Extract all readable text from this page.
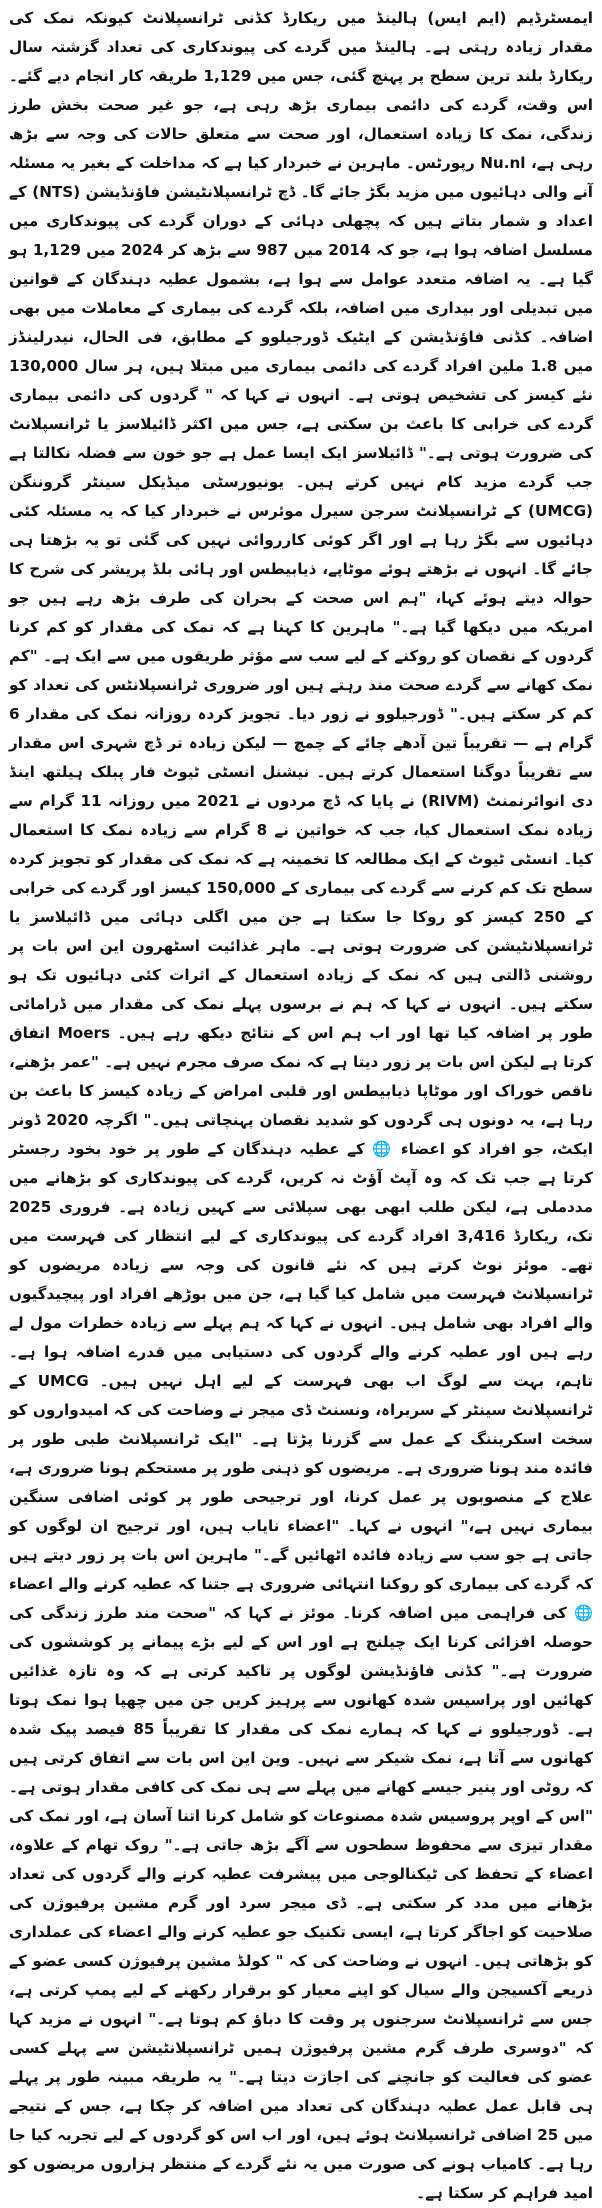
ایمسٹرڈیم (ایم ایس) ہالینڈ میں ریکارڈ کڈنی ٹرانسپلانٹ کیونکہ نمک کی مقدار زیادہ رہتی ہے۔ ہالینڈ میں گردے کی پیوندکاری کی تعداد گزشتہ سال ریکارڈ بلند ترین سطح پر پہنچ گئی، جس میں 1,129 طریقہ کار انجام دیے گئے۔ اس وقت، گردے کی دائمی بیماری بڑھ رہی ہے، جو غیر صحت بخش طرز زندگی، نمک کا زیادہ استعمال، اور صحت سے متعلق حالات کی وجہ سے بڑھ رہی ہے، Nu.nl رپورٹس۔ ماہرین نے خبردار کیا ہے کہ مداخلت کے بغیر یہ مسئلہ آنے والی دہائیوں میں مزید بگڑ جائے گا۔ ڈچ ٹرانسپلانٹیشن فاؤنڈیشن (NTS) کے اعداد و شمار بتاتے ہیں کہ پچھلی دہائی کے دوران گردے کی پیوندکاری میں مسلسل اضافہ ہوا ہے، جو کہ 2014 میں 987 سے بڑھ کر 2024 میں 1,129 ہو گیا ہے۔ یہ اضافہ متعدد عوامل سے ہوا ہے، بشمول عطیہ دہندگان کے قوانین میں تبدیلی اور بیداری میں اضافہ، بلکہ گردے کی بیماری کے معاملات میں بھی اضافہ۔ کڈنی فاؤنڈیشن کے ایٹیک ڈورجیلوو کے مطابق، فی الحال، نیدرلینڈز میں 1.8 ملین افراد گردے کی دائمی بیماری میں مبتلا ہیں، ہر سال 130,000 نئے کیسز کی تشخیص ہوتی ہے۔ انہوں نے کہا کہ " گردوں کی دائمی بیماری گردے کی خرابی کا باعث بن سکتی ہے، جس میں اکثر ڈائیلاسز یا ٹرانسپلانٹ کی ضرورت ہوتی ہے۔" ڈائیلاسز ایک ایسا عمل ہے جو خون سے فضلہ نکالتا ہے جب گردے مزید کام نہیں کرتے ہیں۔ یونیورسٹی میڈیکل سینٹر گروننگن (UMCG) کے ٹرانسپلانٹ سرجن سیرل موئرس نے خبردار کیا کہ یہ مسئلہ کئی دہائیوں سے بگڑ رہا ہے اور اگر کوئی کارروائی نہیں کی گئی تو یہ بڑھتا ہی جائے گا۔ انہوں نے بڑھتے ہوئے موٹاپے، ذیابیطس اور ہائی بلڈ پریشر کی شرح کا حوالہ دیتے ہوئے کہا، "ہم اس صحت کے بحران کی طرف بڑھ رہے ہیں جو امریکہ میں دیکھا گیا ہے۔" ماہرین کا کہنا ہے کہ نمک کی مقدار کو کم کرنا گردوں کے نقصان کو روکنے کے لیے سب سے مؤثر طریقوں میں سے ایک ہے۔ "کم نمک کھانے سے گردے صحت مند رہتے ہیں اور ضروری ٹرانسپلانٹس کی تعداد کو کم کر سکتے ہیں۔" ڈورجیلوو نے زور دیا۔ تجویز کردہ روزانہ نمک کی مقدار 6 گرام ہے — تقریباً تین آدھے چائے کے چمچ — لیکن زیادہ تر ڈچ شہری اس مقدار سے تقریباً دوگنا استعمال کرتے ہیں۔ نیشنل انسٹی ٹیوٹ فار پبلک ہیلتھ اینڈ دی انوائرنمنٹ (RIVM) نے پایا کہ ڈچ مردوں نے 2021 میں روزانہ 11 گرام سے زیادہ نمک استعمال کیا، جب کہ خواتین نے 8 گرام سے زیادہ نمک کا استعمال کیا۔ انسٹی ٹیوٹ کے ایک مطالعہ کا تخمینہ ہے کہ نمک کی مقدار کو تجویز کردہ سطح تک کم کرنے سے گردے کی بیماری کے 150,000 کیسز اور گردے کی خرابی کے 250 کیسز کو روکا جا سکتا ہے جن میں اگلی دہائی میں ڈائیلاسز یا ٹرانسپلانٹیشن کی ضرورت ہوتی ہے۔ ماہر غذائیت اسٹھرون این اس بات پر روشنی ڈالتی ہیں کہ نمک کے زیادہ استعمال کے اثرات کئی دہائیوں تک ہو سکتے ہیں۔ انہوں نے کہا کہ ہم نے برسوں پہلے نمک کی مقدار میں ڈرامائی طور پر اضافہ کیا تھا اور اب ہم اس کے نتائج دیکھ رہے ہیں۔ Moers اتفاق کرتا ہے لیکن اس بات پر زور دیتا ہے کہ نمک صرف مجرم نہیں ہے۔ "عمر بڑھنے، ناقص خوراک اور موٹاپا ذیابیطس اور قلبی امراض کے زیادہ کیسز کا باعث بن رہا ہے، یہ دونوں ہی گردوں کو شدید نقصان پہنچاتی ہیں۔" اگرچہ 2020 ڈونر ایکٹ، جو افراد کو اعضاء 🌐 کے عطیہ دہندگان کے طور پر خود بخود رجسٹر کرتا ہے جب تک کہ وہ آپٹ آؤٹ نہ کریں، گردے کی پیوندکاری کو بڑھانے میں مددملی ہے، لیکن طلب ابھی بھی سپلائی سے کہیں زیادہ ہے۔ فروری 2025 تک، ریکارڈ 3,416 افراد گردے کی پیوندکاری کے لیے انتظار کی فہرست میں تھے۔ موئز نوٹ کرتے ہیں کہ نئے قانون کی وجہ سے زیادہ مریضوں کو ٹرانسپلانٹ فہرست میں شامل کیا گیا ہے، جن میں بوڑھے افراد اور پیچیدگیوں والے افراد بھی شامل ہیں۔ انہوں نے کہا کہ ہم پہلے سے زیادہ خطرات مول لے رہے ہیں اور عطیہ کرنے والے گردوں کی دستیابی میں قدرے اضافہ ہوا ہے۔ تاہم، بہت سے لوگ اب بھی فہرست کے لیے اہل نہیں ہیں۔ UMCG کے ٹرانسپلانٹ سینٹر کے سربراہ، ونسنٹ ڈی میجر نے وضاحت کی کہ امیدواروں کو سخت اسکریننگ کے عمل سے گزرنا پڑتا ہے۔ "ایک ٹرانسپلانٹ طبی طور پر فائدہ مند ہونا ضروری ہے۔ مریضوں کو ذہنی طور پر مستحکم ہونا ضروری ہے، علاج کے منصوبوں پر عمل کرنا، اور ترجیحی طور پر کوئی اضافی سنگین بیماری نہیں ہے،" انہوں نے کہا۔ "اعضاء نایاب ہیں، اور ترجیح ان لوگوں کو جاتی ہے جو سب سے زیادہ فائدہ اٹھائیں گے۔" ماہرین اس بات پر زور دیتے ہیں کہ گردے کی بیماری کو روکنا انتہائی ضروری ہے جتنا کہ عطیہ کرنے والے اعضاء 🌐 کی فراہمی میں اضافہ کرنا۔ موئز نے کہا کہ "صحت مند طرز زندگی کی حوصلہ افزائی کرنا ایک چیلنج ہے اور اس کے لیے بڑے پیمانے پر کوششوں کی ضرورت ہے۔" کڈنی فاؤنڈیشن لوگوں پر تاکید کرتی ہے کہ وہ تازہ غذائیں کھائیں اور پراسیس شدہ کھانوں سے پرہیز کریں جن میں چھپا ہوا نمک ہوتا ہے۔ ڈورجیلوو نے کہا کہ ہمارے نمک کی مقدار کا تقریباً 85 فیصد پیک شدہ کھانوں سے آتا ہے، نمک شیکر سے نہیں۔ وین این اس بات سے اتفاق کرتی ہیں کہ روٹی اور پنیر جیسے کھانے میں پہلے سے ہی نمک کی کافی مقدار ہوتی ہے۔ "اس کے اوپر پروسیس شدہ مصنوعات کو شامل کرنا اتنا آسان ہے، اور نمک کی مقدار تیزی سے محفوظ سطحوں سے آگے بڑھ جاتی ہے۔" روک تھام کے علاوہ، اعضاء کے تحفظ کی ٹیکنالوجی میں پیشرفت عطیہ کرنے والے گردوں کی تعداد بڑھانے میں مدد کر سکتی ہے۔ ڈی میجر سرد اور گرم مشین پرفیوژن کی صلاحیت کو اجاگر کرتا ہے، ایسی تکنیک جو عطیہ کرنے والے اعضاء کی عملداری کو بڑھاتی ہیں۔ انہوں نے وضاحت کی کہ " کولڈ مشین پرفیوژن کسی عضو کے ذریعے آکسیجن والے سیال کو اپنے معیار کو برقرار رکھنے کے لیے پمپ کرتی ہے، جس سے ٹرانسپلانٹ سرجنوں پر وقت کا دباؤ کم ہوتا ہے۔" انہوں نے مزید کہا کہ "دوسری طرف گرم مشین پرفیوژن ہمیں ٹرانسپلانٹیشن سے پہلے کسی عضو کی فعالیت کو جانچنے کی اجازت دیتا ہے۔" یہ طریقہ مبینہ طور پر پہلے ہی قابل عمل عطیہ دہندگان کی تعداد میں اضافہ کر چکا ہے، جس کے نتیجے میں 25 اضافی ٹرانسپلانٹ ہوئے ہیں، اور اب اس کو گردوں کے لیے تجربہ کیا جا رہا ہے۔ کامیاب ہونے کی صورت میں یہ نئے گردے کے منتظر ہزاروں مریضوں کو امید فراہم کر سکتا ہے۔
